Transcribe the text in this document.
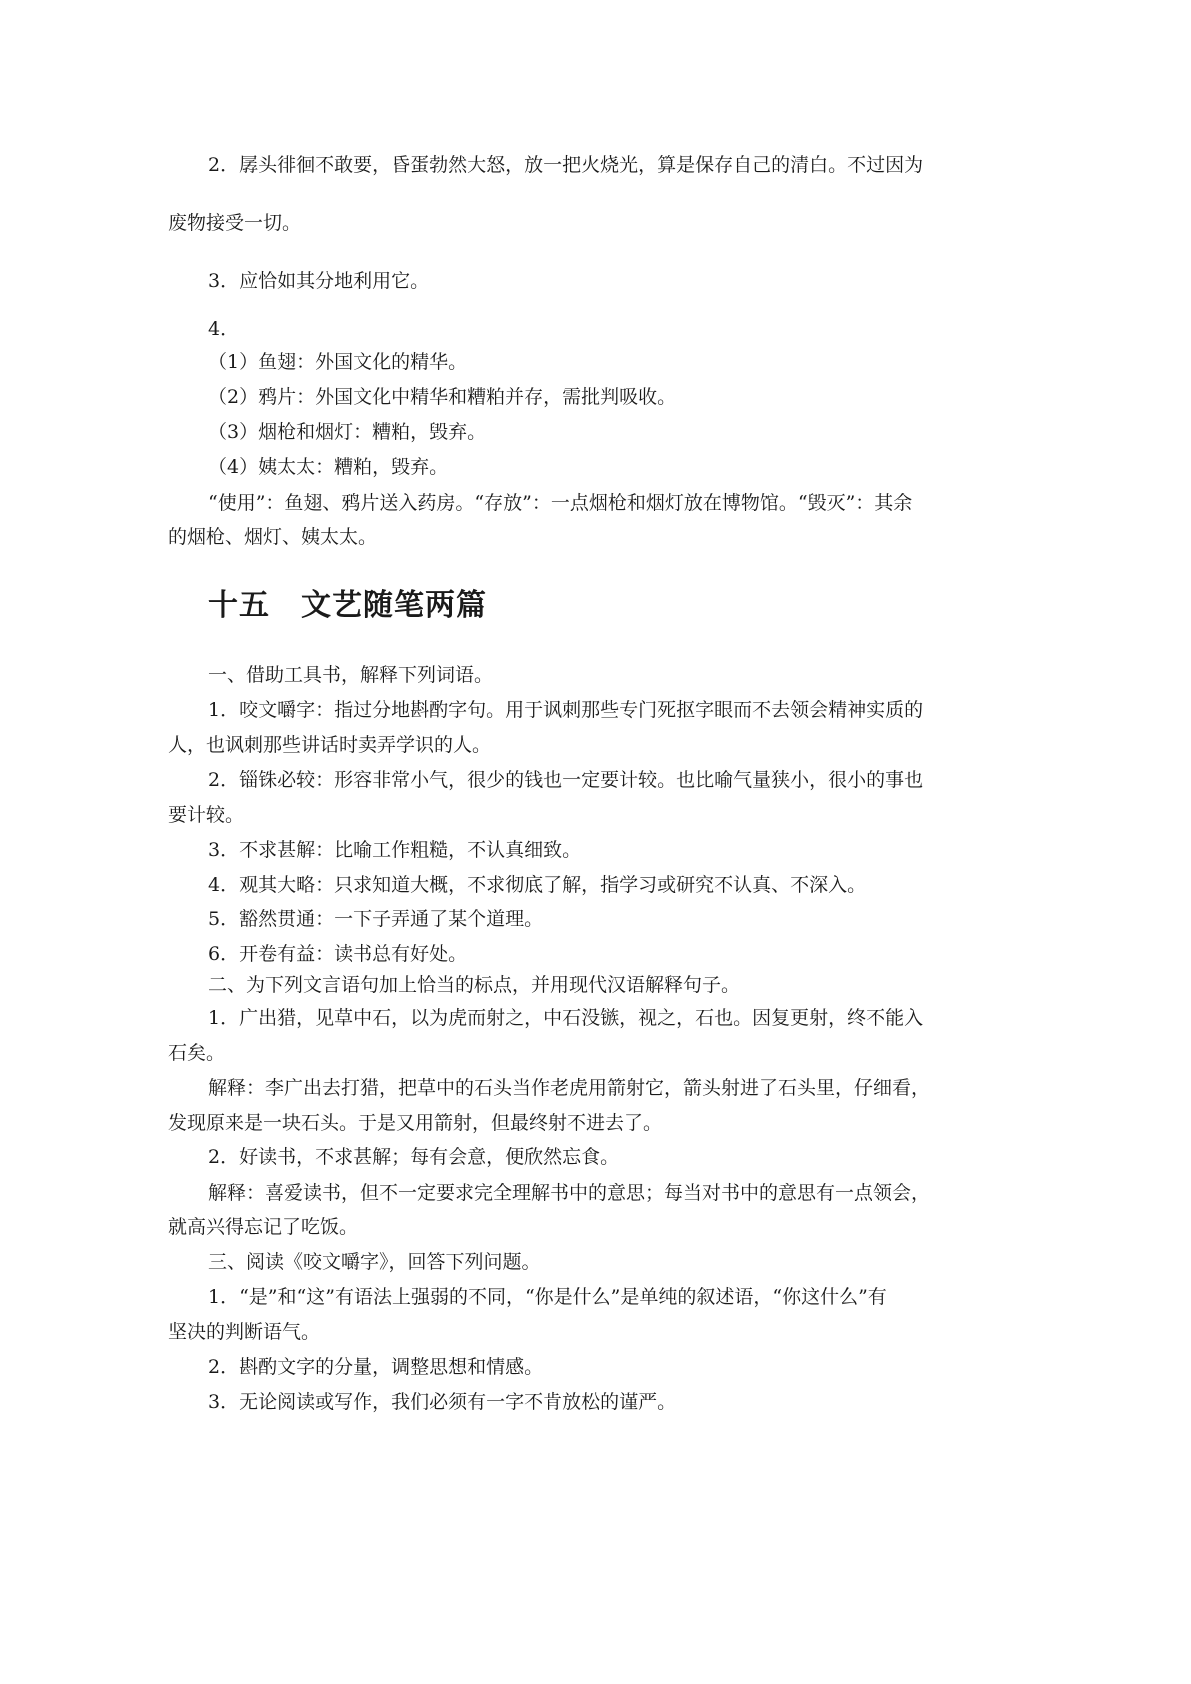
2．孱头徘徊不敢要，昏蛋勃然大怒，放一把火烧光，算是保存自己的清白。不过因为
废物接受一切。
3．应恰如其分地利用它。
4．
（1）鱼翅：外国文化的精华。
（2）鸦片：外国文化中精华和糟粕并存，需批判吸收。
（3）烟枪和烟灯：糟粕，毁弃。
（4）姨太太：糟粕，毁弃。
“使用”：鱼翅、鸦片送入药房。“存放”：一点烟枪和烟灯放在博物馆。“毁灭”：其余
的烟枪、烟灯、姨太太。
十五　文艺随笔两篇
一、借助工具书，解释下列词语。
1．咬文嚼字：指过分地斟酌字句。用于讽刺那些专门死抠字眼而不去领会精神实质的
人，也讽刺那些讲话时卖弄学识的人。
2．锱铢必较：形容非常小气，很少的钱也一定要计较。也比喻气量狭小，很小的事也
要计较。
3．不求甚解：比喻工作粗糙，不认真细致。
4．观其大略：只求知道大概，不求彻底了解，指学习或研究不认真、不深入。
5．豁然贯通：一下子弄通了某个道理。
6．开卷有益：读书总有好处。
二、为下列文言语句加上恰当的标点，并用现代汉语解释句子。
1．广出猎，见草中石，以为虎而射之，中石没镞，视之，石也。因复更射，终不能入
石矣。
解释：李广出去打猎，把草中的石头当作老虎用箭射它，箭头射进了石头里，仔细看，
发现原来是一块石头。于是又用箭射，但最终射不进去了。
2．好读书，不求甚解；每有会意，便欣然忘食。
解释：喜爱读书，但不一定要求完全理解书中的意思；每当对书中的意思有一点领会，
就高兴得忘记了吃饭。
三、阅读《咬文嚼字》，回答下列问题。
1．“是”和“这”有语法上强弱的不同，“你是什么”是单纯的叙述语，“你这什么”有
坚决的判断语气。
2．斟酌文字的分量，调整思想和情感。
3．无论阅读或写作，我们必须有一字不肯放松的谨严。
